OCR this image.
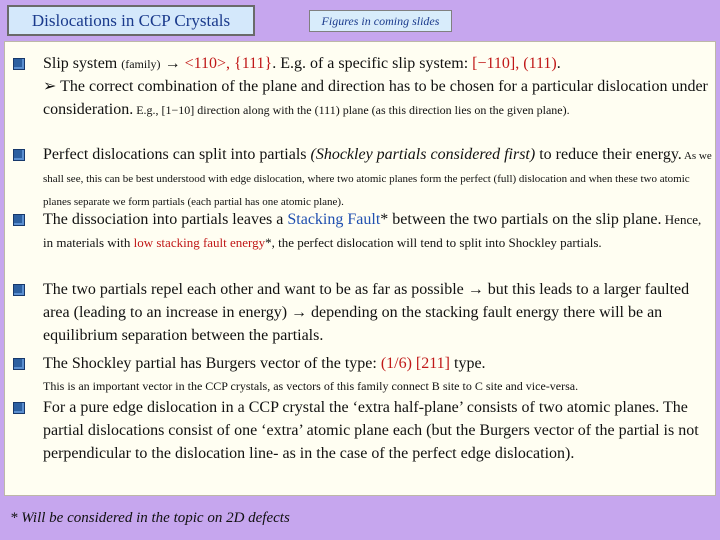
Dislocations in CCP Crystals	Figures in coming slides
Slip system (family) → <110>, {111}. E.g. of a specific slip system: [−110], (111).
➢ The correct combination of the plane and direction has to be chosen for a particular dislocation under consideration. E.g., [1−10] direction along with the (111) plane (as this direction lies on the given plane).
Perfect dislocations can split into partials (Shockley partials considered first) to reduce their energy. As we shall see, this can be best understood with edge dislocation, where two atomic planes form the perfect (full) dislocation and when these two atomic planes separate we form partials (each partial has one atomic plane).
The dissociation into partials leaves a Stacking Fault* between the two partials on the slip plane. Hence, in materials with low stacking fault energy*, the perfect dislocation will tend to split into Shockley partials.
The two partials repel each other and want to be as far as possible → but this leads to a larger faulted area (leading to an increase in energy) → depending on the stacking fault energy there will be an equilibrium separation between the partials.
The Shockley partial has Burgers vector of the type: (1/6) [211] type.
This is an important vector in the CCP crystals, as vectors of this family connect B site to C site and vice-versa.
For a pure edge dislocation in a CCP crystal the ‘extra half-plane’ consists of two atomic planes. The partial dislocations consist of one ‘extra’ atomic plane each (but the Burgers vector of the partial is not perpendicular to the dislocation line- as in the case of the perfect edge dislocation).
* Will be considered in the topic on 2D defects
